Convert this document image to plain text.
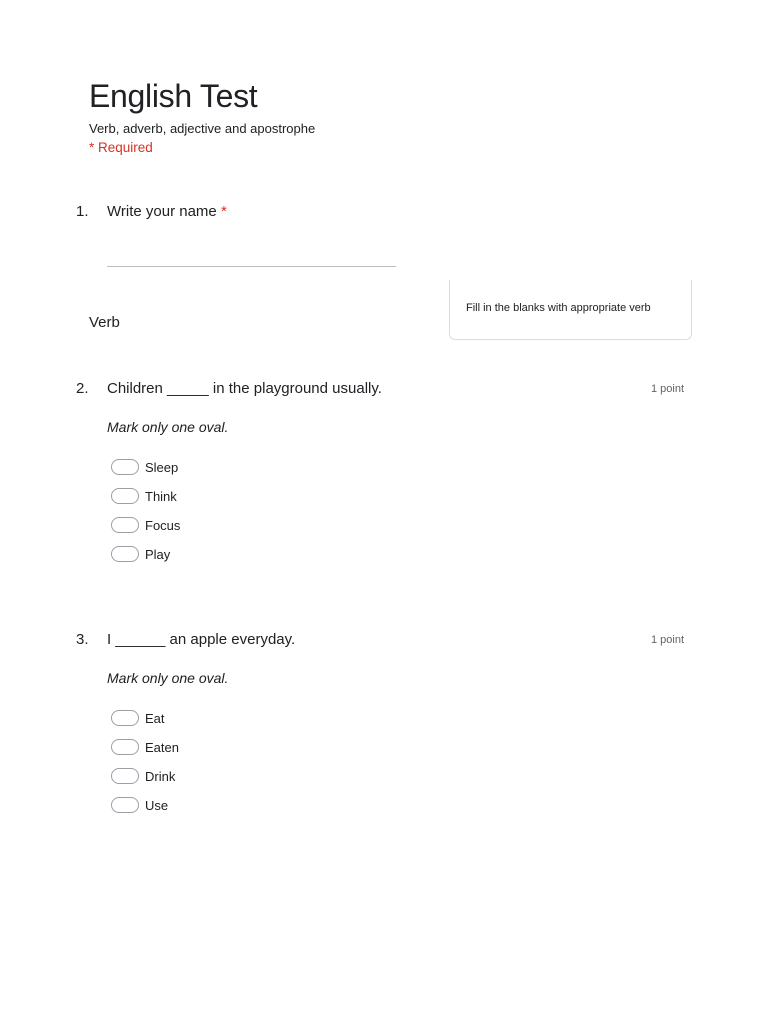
English Test
Verb, adverb, adjective and apostrophe
* Required
1. Write your name *
Verb
Fill in the blanks with appropriate verb
2. Children _____ in the playground usually.	1 point
Mark only one oval.
Sleep
Think
Focus
Play
3. I ______ an apple everyday.	1 point
Mark only one oval.
Eat
Eaten
Drink
Use
